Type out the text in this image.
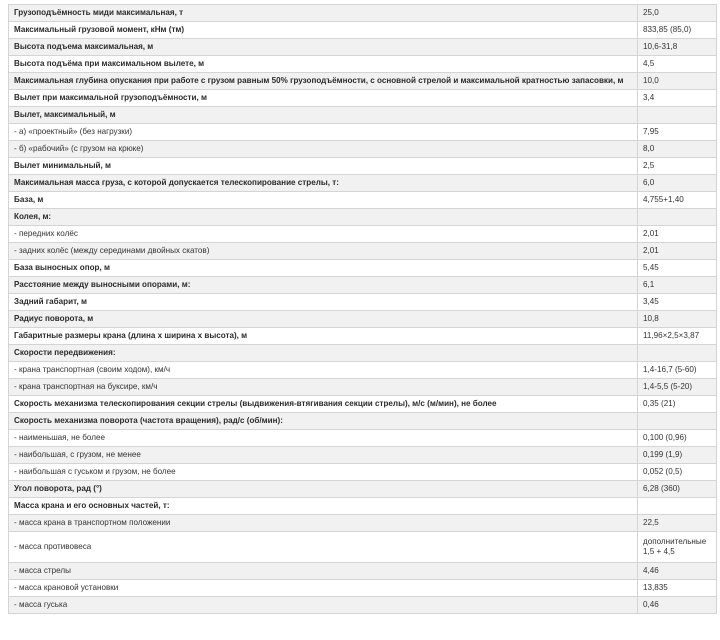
Грузоподъёмность миди максимальная, т	25,0
Максимальный грузовой момент, кНм (тм)	833,85 (85,0)
Высота подъема максимальная, м	10,6-31,8
Высота подъёма при максимальном вылете, м	4,5
Максимальная глубина опускания при работе с грузом равным 50% грузоподъёмности, с основной стрелой и максимальной кратностью запасовки, м	10,0
Вылет при максимальной грузоподъёмности, м	3,4
Вылет, максимальный, м	
- а) «проектный» (без нагрузки)	7,95
- б) «рабочий» (с грузом на крюке)	8,0
Вылет минимальный, м	2,5
Максимальная масса груза, с которой допускается телескопирование стрелы, т:	6,0
База, м	4,755+1,40
Колея, м:	
- передних колёс	2,01
- задних колёс (между серединами двойных скатов)	2,01
База выносных опор, м	5,45
Расстояние между выносными опорами, м:	6,1
Задний габарит, м	3,45
Радиус поворота, м	10,8
Габаритные размеры крана (длина х ширина х высота), м	11,96×2,5×3,87
Скорости передвижения:	
- крана транспортная (своим ходом), км/ч	1,4-16,7 (5-60)
- крана транспортная на буксире, км/ч	1,4-5,5 (5-20)
Скорость механизма телескопирования секции стрелы (выдвижения-втягивания секции стрелы), м/с (м/мин), не более	0,35 (21)
Скорость механизма поворота (частота вращения), рад/с (об/мин):	
- наименьшая, не более	0,100 (0,96)
- наибольшая, с грузом, не менее	0,199 (1,9)
- наибольшая с гуськом и грузом, не более	0,052 (0,5)
Угол поворота, рад (°)	6,28 (360)
Масса крана и его основных частей, т:	
- масса крана в транспортном положении	22,5
- масса противовеса	дополнительные 1,5 + 4,5
- масса стрелы	4,46
- масса крановой установки	13,835
- масса гуська	0,46
